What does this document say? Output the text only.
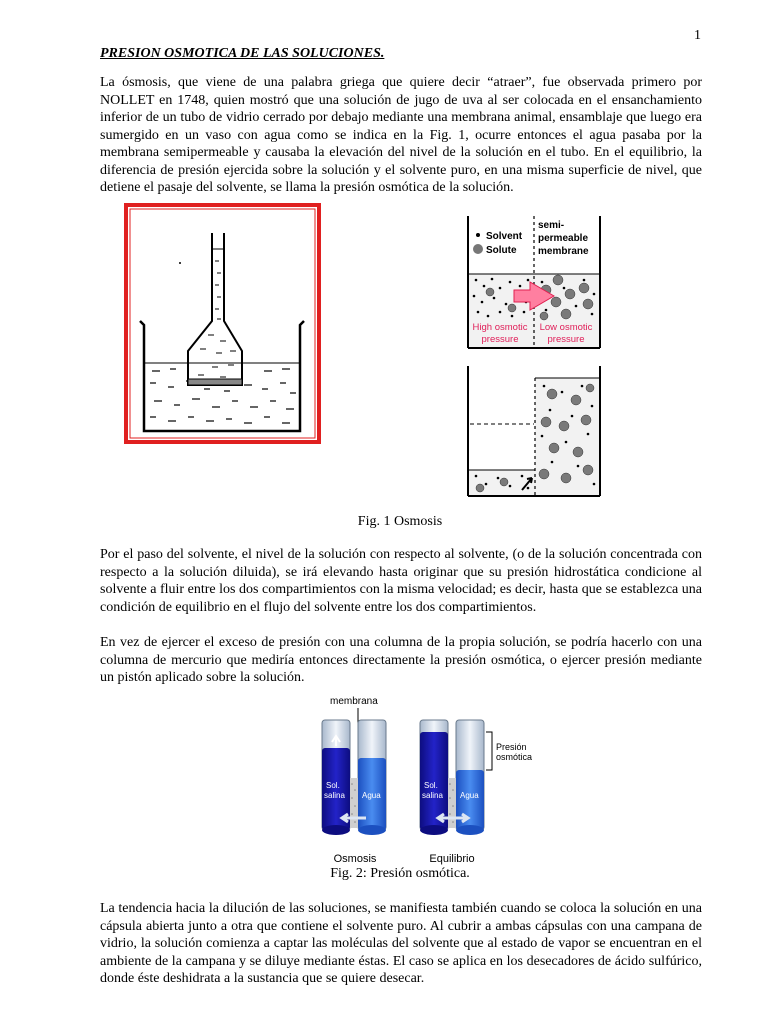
1
PRESION OSMOTICA DE LAS SOLUCIONES.

La ósmosis, que viene de una palabra griega que quiere decir “atraer”, fue observada primero por NOLLET en 1748, quien mostró que una solución de jugo de uva al ser colocada en el ensanchamiento inferior de un tubo de vidrio cerrado por debajo mediante una membrana animal, ensamblaje que luego era sumergido en un vaso con agua como se indica en la Fig. 1, ocurre entonces el agua pasaba por la membrana semipermeable y causaba la elevación del nivel de la solución en el tubo. En el equilibrio, la diferencia de presión ejercida sobre la solución y el solvente puro, en una misma superficie de nivel, que detiene el pasaje del solvente, se llama la presión osmótica de la solución.

Solvent
Solute
semi-
permeable
membrane
High osmotic
pressure
Low osmotic
pressure
Fig. 1 Osmosis

Por el paso del solvente, el nivel de la solución con respecto al solvente, (o de la solución concentrada con respecto a la solución diluida), se irá elevando hasta originar que su presión hidrostática condicione al solvente a fluir entre los dos compartimientos con la misma velocidad; es decir, hasta que se establezca una condición de equilibrio en el flujo del solvente entre los dos compartimientos.

En vez de ejercer el exceso de presión con una columna de la propia solución, se podría hacerlo con una columna de mercurio que mediría entonces directamente la presión osmótica, o ejercer presión mediante un pistón aplicado sobre la solución.

membrana
Sol.
salina Agua
Osmosis
Sol.
salina Agua
Equilibrio
Presión
osmótica
Fig. 2: Presión osmótica.

La tendencia hacia la dilución de las soluciones, se manifiesta también cuando se coloca la solución en una cápsula abierta junto a otra que contiene el solvente puro. Al cubrir a ambas cápsulas con una campana de vidrio, la solución comienza a captar las moléculas del solvente que al estado de vapor se encuentran en el ambiente de la campana y se diluye mediante éstas. El caso se aplica en los desecadores de ácido sulfúrico, donde éste deshidrata a la sustancia que se quiere desecar.
